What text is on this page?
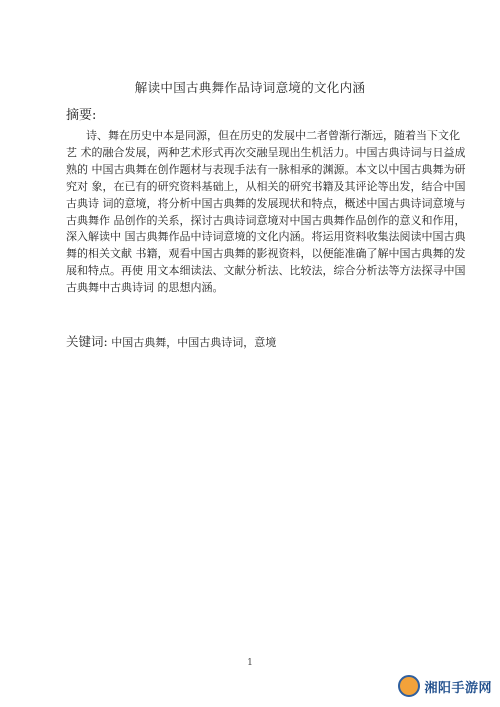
解读中国古典舞作品诗词意境的文化内涵
摘要:
诗、舞在历史中本是同源，但在历史的发展中二者曾渐行渐远，随着当下文化
艺 术的融合发展，两种艺术形式再次交融呈现出生机活力。中国古典诗词与日益成
熟的 中国古典舞在创作题材与表现手法有一脉相承的渊源。本文以中国古典舞为研
究对 象，在已有的研究资料基础上，从相关的研究书籍及其评论等出发，结合中国
古典诗 词的意境，将分析中国古典舞的发展现状和特点，概述中国古典诗词意境与
古典舞作 品创作的关系，探讨古典诗词意境对中国古典舞作品创作的意义和作用，
深入解读中 国古典舞作品中诗词意境的文化内涵。将运用资料收集法阅读中国古典
舞的相关文献 书籍，观看中国古典舞的影视资料，以便能准确了解中国古典舞的发
展和特点。再使 用文本细读法、文献分析法、比较法，综合分析法等方法探寻中国
古典舞中古典诗词 的思想内涵。
关键词: 中国古典舞，中国古典诗词，意境
1
湘阳手游网
